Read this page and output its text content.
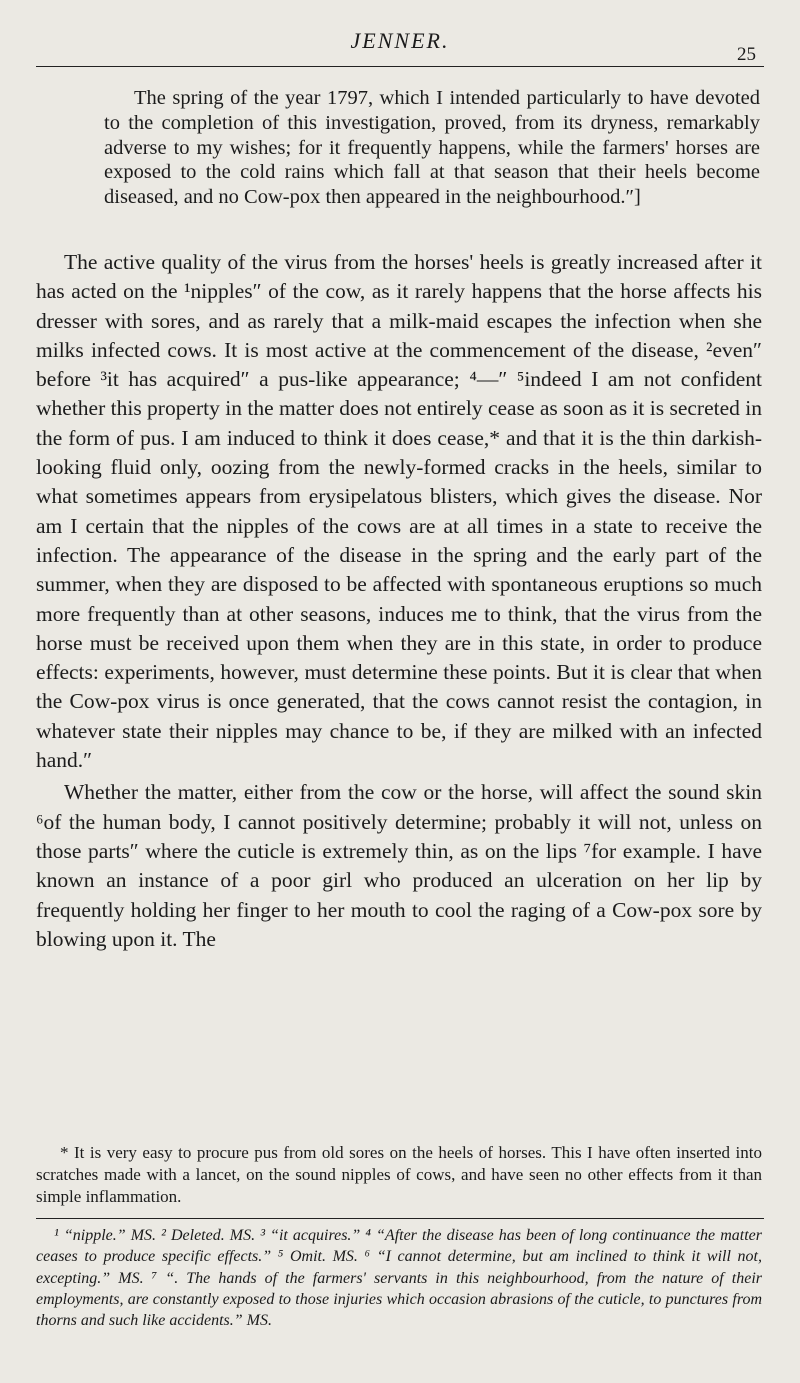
JENNER.
25

The spring of the year 1797, which I intended particularly to have devoted to the completion of this investigation, proved, from its dryness, remarkably adverse to my wishes; for it frequently happens, while the farmers' horses are exposed to the cold rains which fall at that season that their heels become diseased, and no Cow-pox then appeared in the neighbourhood.″]

The active quality of the virus from the horses' heels is greatly increased after it has acted on the ¹nipples″ of the cow, as it rarely happens that the horse affects his dresser with sores, and as rarely that a milk-maid escapes the infection when she milks infected cows. It is most active at the commencement of the disease, ²even″ before ³it has acquired″ a pus-like appearance; ⁴—″ ⁵indeed I am not confident whether this property in the matter does not entirely cease as soon as it is secreted in the form of pus. I am induced to think it does cease,* and that it is the thin darkish-looking fluid only, oozing from the newly-formed cracks in the heels, similar to what sometimes appears from erysipelatous blisters, which gives the disease. Nor am I certain that the nipples of the cows are at all times in a state to receive the infection. The appearance of the disease in the spring and the early part of the summer, when they are disposed to be affected with spontaneous eruptions so much more frequently than at other seasons, induces me to think, that the virus from the horse must be received upon them when they are in this state, in order to produce effects: experiments, however, must determine these points. But it is clear that when the Cow-pox virus is once generated, that the cows cannot resist the contagion, in whatever state their nipples may chance to be, if they are milked with an infected hand.″

Whether the matter, either from the cow or the horse, will affect the sound skin ⁶of the human body, I cannot positively determine; probably it will not, unless on those parts″ where the cuticle is extremely thin, as on the lips ⁷for example. I have known an instance of a poor girl who produced an ulceration on her lip by frequently holding her finger to her mouth to cool the raging of a Cow-pox sore by blowing upon it. The

* It is very easy to procure pus from old sores on the heels of horses. This I have often inserted into scratches made with a lancet, on the sound nipples of cows, and have seen no other effects from it than simple inflammation.

¹ “nipple.” MS. ² Deleted. MS. ³ “it acquires.” ⁴ “After the disease has been of long continuance the matter ceases to produce specific effects.” ⁵ Omit. MS. ⁶ “I cannot determine, but am inclined to think it will not, excepting.” MS. ⁷ “. The hands of the farmers' servants in this neighbourhood, from the nature of their employments, are constantly exposed to those injuries which occasion abrasions of the cuticle, to punctures from thorns and such like accidents.” MS.
